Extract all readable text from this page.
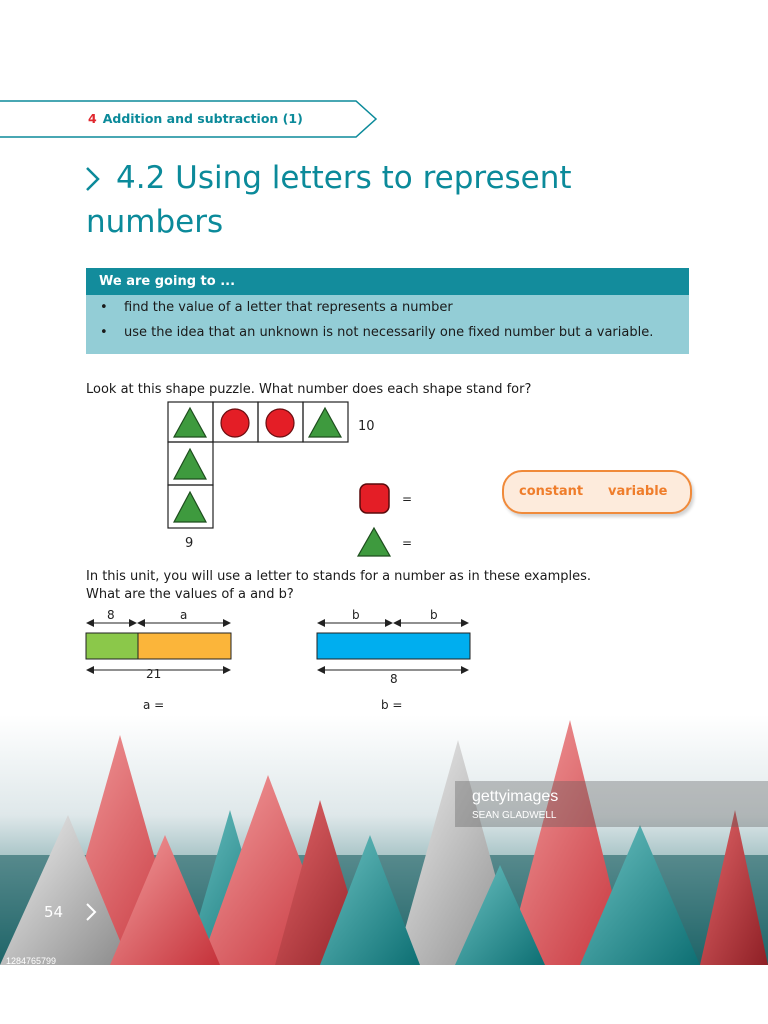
4 Addition and subtraction (1)
4.2 Using letters to represent
numbers
We are going to ...
• find the value of a letter that represents a number
• use the idea that an unknown is not necessarily one fixed number but a variable.
Look at this shape puzzle. What number does each shape stand for?
10
9
=
=
constant variable
In this unit, you will use a letter to stands for a number as in these examples.
What are the values of a and b?
8	a
21
a =
b	b
8
b =
gettyimages
SEAN GLADWELL
54
1284765799
